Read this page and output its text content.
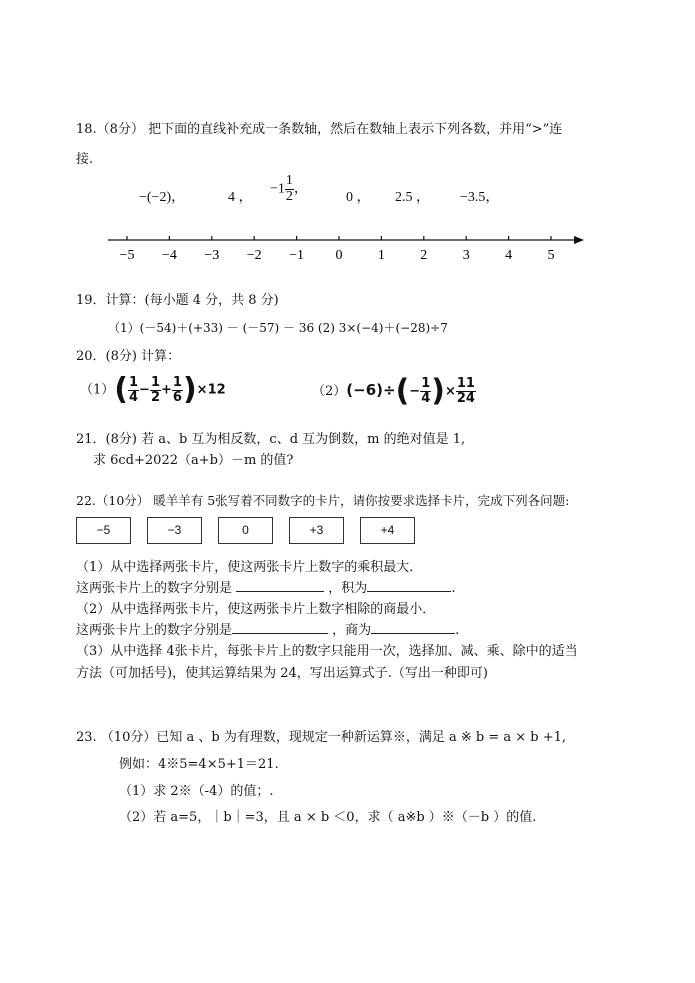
18.（8分） 把下面的直线补充成一条数轴，然后在数轴上表示下列各数，并用“>”连
接.
−(−2)，	4 ，
$-1 \frac{1}{2}$ ，
0 ， 2.5 ， −3.5，
−5 −4 −3 −2 −1 0	1	2	3	4	5
19．计算：(每小题 4 分，共 8 分)
（1）(－54)＋(+33) － (－57) － 36 (2) 3×(−4)＋(−28)÷7
20．(8分) 计算：
$(1)( \frac{1}{4} - \frac{1}{2} + \frac{1}{6} )\times 12$	$(2)(-6)\div(- \frac{1}{4}$ )× $\frac{11}{24}$
21．(8分) 若 a、b 互为相反数，c、d 互为倒数，m 的绝对值是 1,
求 6cd+2022（a+b）－m 的值?
22.（10分） 暖羊羊有 5张写着不同数字的卡片，请你按要求选择卡片，完成下列各问题:
−5	−3	0	+3	+4
（1）从中选择两张卡片，使这两张卡片上数字的乘积最大．
这两张卡片上的数字分别是	，积为	.
（2）从中选择两张卡片，使这两张卡片上数字相除的商最小．
这两张卡片上的数字分别是	，商为	.
（3）从中选择 4张卡片，每张卡片上的数字只能用一次，选择加、减、乘、除中的适当
方法（可加括号)，使其运算结果为 24，写出运算式子.（写出一种即可)
23. （10分）已知 a 、b 为有理数，现规定一种新运算※，满足 a ※ b = a × b +1,
例如：4※5=4×5+1＝21.
（1）求 2※（-4）的值；.
（2）若 a=5，｜b｜=3，且 a × b ＜0，求（ a※b ）※（－b ）的值.
